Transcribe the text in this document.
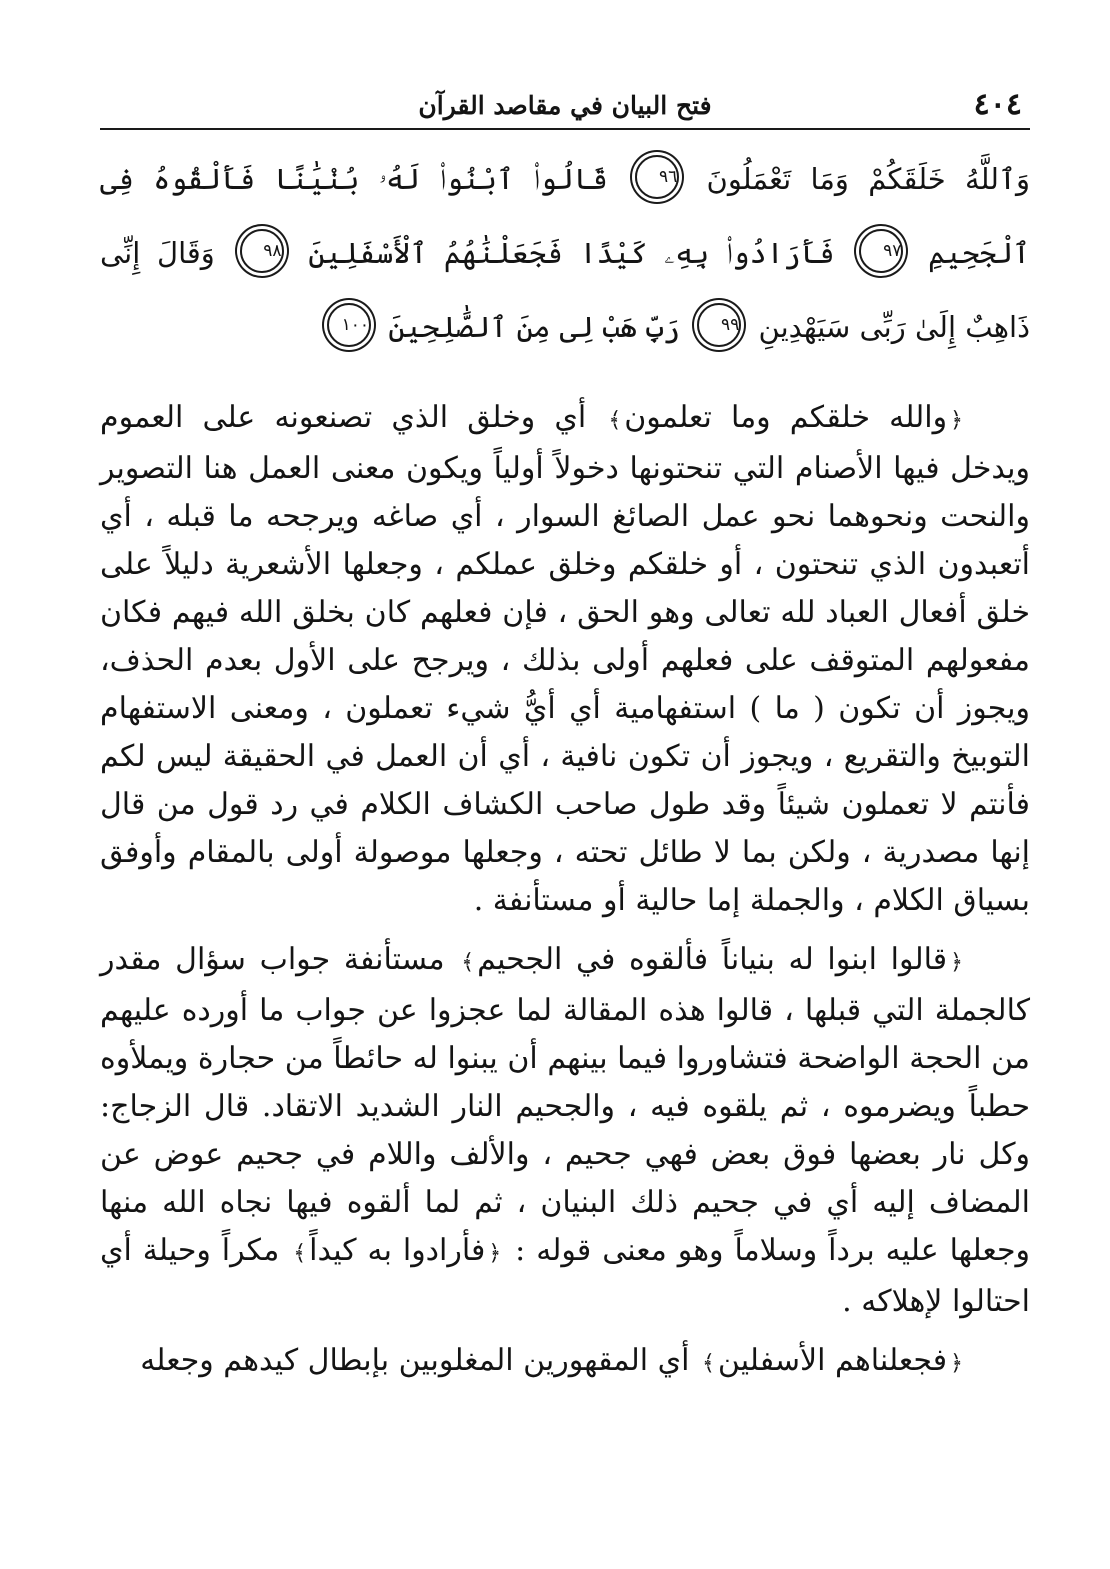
٤٠٤
فتح البيان في مقاصد القرآن
وَٱللَّهُ خَلَقَكُمْ وَمَا تَعْمَلُونَ ٩٦ قَالُوا۟ ٱبْنُوا۟ لَهُۥ بُنْيَٰنًا فَأَلْقُوهُ فِى ٱلْجَحِيمِ ٩٧ فَأَرَادُوا۟ بِهِۦ كَيْدًا فَجَعَلْنَٰهُمُ ٱلْأَسْفَلِينَ ٩٨ وَقَالَ إِنِّى ذَاهِبٌ إِلَىٰ رَبِّى سَيَهْدِينِ ٩٩ رَبِّ هَبْ لِى مِنَ ٱلصَّٰلِحِينَ ١٠٠

﴿والله خلقكم وما تعلمون﴾ أي وخلق الذي تصنعونه على العموم ويدخل فيها الأصنام التي تنحتونها دخولاً أولياً ويكون معنى العمل هنا التصوير والنحت ونحوهما نحو عمل الصائغ السوار ، أي صاغه ويرجحه ما قبله ، أي أتعبدون الذي تنحتون ، أو خلقكم وخلق عملكم ، وجعلها الأشعرية دليلاً على خلق أفعال العباد لله تعالى وهو الحق ، فإن فعلهم كان بخلق الله فيهم فكان مفعولهم المتوقف على فعلهم أولى بذلك ، ويرجح على الأول بعدم الحذف، ويجوز أن تكون ( ما ) استفهامية أي أيُّ شيء تعملون ، ومعنى الاستفهام التوبيخ والتقريع ، ويجوز أن تكون نافية ، أي أن العمل في الحقيقة ليس لكم فأنتم لا تعملون شيئاً وقد طول صاحب الكشاف الكلام في رد قول من قال إنها مصدرية ، ولكن بما لا طائل تحته ، وجعلها موصولة أولى بالمقام وأوفق بسياق الكلام ، والجملة إما حالية أو مستأنفة .

﴿قالوا ابنوا له بنياناً فألقوه في الجحيم﴾ مستأنفة جواب سؤال مقدر كالجملة التي قبلها ، قالوا هذه المقالة لما عجزوا عن جواب ما أورده عليهم من الحجة الواضحة فتشاوروا فيما بينهم أن يبنوا له حائطاً من حجارة ويملأوه حطباً ويضرموه ، ثم يلقوه فيه ، والجحيم النار الشديد الاتقاد. قال الزجاج: وكل نار بعضها فوق بعض فهي جحيم ، والألف واللام في جحيم عوض عن المضاف إليه أي في جحيم ذلك البنيان ، ثم لما ألقوه فيها نجاه الله منها وجعلها عليه برداً وسلاماً وهو معنى قوله : ﴿فأرادوا به كيداً﴾ مكراً وحيلة أي احتالوا لإهلاكه .

﴿فجعلناهم الأسفلين﴾ أي المقهورين المغلوبين بإبطال كيدهم وجعله
